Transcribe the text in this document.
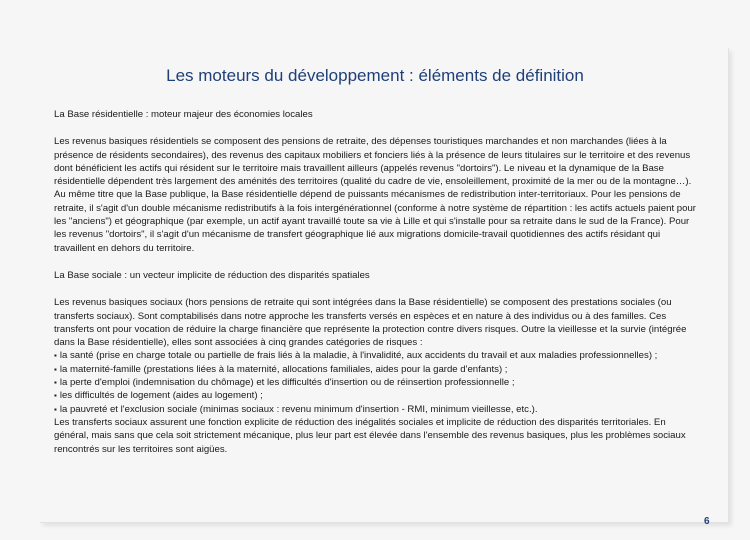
Les moteurs du développement : éléments de définition

La Base résidentielle : moteur majeur des économies locales

Les revenus basiques résidentiels se composent des pensions de retraite, des dépenses touristiques marchandes et non marchandes (liées à la présence de résidents secondaires), des revenus des capitaux mobiliers et fonciers liés à la présence de leurs titulaires sur le territoire et des revenus dont bénéficient les actifs qui résident sur le territoire mais travaillent ailleurs (appelés revenus "dortoirs"). Le niveau et la dynamique de la Base résidentielle dépendent très largement des aménités des territoires (qualité du cadre de vie, ensoleillement, proximité de la mer ou de la montagne…). Au même titre que la Base publique, la Base résidentielle dépend de puissants mécanismes de redistribution inter-territoriaux. Pour les pensions de retraite, il s'agit d'un double mécanisme redistributifs à la fois intergénérationnel (conforme à notre système de répartition : les actifs actuels paient pour les "anciens") et géographique (par exemple, un actif ayant travaillé toute sa vie à Lille et qui s'installe pour sa retraite dans le sud de la France). Pour les revenus "dortoirs", il s'agit d'un mécanisme de transfert géographique lié aux migrations domicile-travail quotidiennes des actifs résidant qui travaillent en dehors du territoire.

La Base sociale : un vecteur implicite de réduction des disparités spatiales

Les revenus basiques sociaux (hors pensions de retraite qui sont intégrées dans la Base résidentielle) se composent des prestations sociales (ou transferts sociaux). Sont comptabilisés dans notre approche les transferts versés en espèces et en nature à des individus ou à des familles. Ces transferts ont pour vocation de réduire la charge financière que représente la protection contre divers risques. Outre la vieillesse et la survie (intégrée dans la Base résidentielle), elles sont associées à cinq grandes catégories de risques :

▪ la santé (prise en charge totale ou partielle de frais liés à la maladie, à l'invalidité, aux accidents du travail et aux maladies professionnelles) ;
▪ la maternité-famille (prestations liées à la maternité, allocations familiales, aides pour la garde d'enfants) ;
▪ la perte d'emploi (indemnisation du chômage) et les difficultés d'insertion ou de réinsertion professionnelle ;
▪ les difficultés de logement (aides au logement) ;
▪ la pauvreté et l'exclusion sociale (minimas sociaux : revenu minimum d'insertion - RMI, minimum vieillesse, etc.).

Les transferts sociaux assurent une fonction explicite de réduction des inégalités sociales et implicite de réduction des disparités territoriales. En général, mais sans que cela soit strictement mécanique, plus leur part est élevée dans l'ensemble des revenus basiques, plus les problèmes sociaux rencontrés sur les territoires sont aigües.

6
